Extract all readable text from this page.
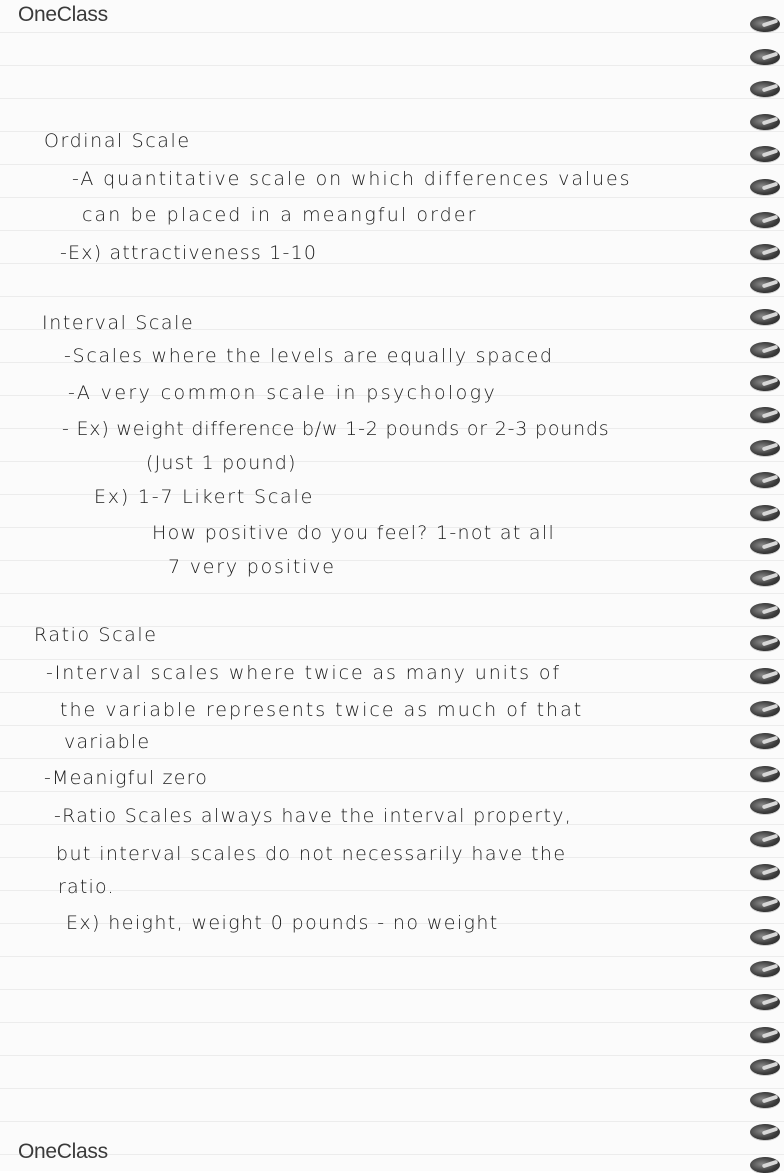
OneClass
Ordinal Scale
-A quantitative scale on which differences values
can be placed in a meangful order
-Ex) attractiveness 1-10
Interval Scale
-Scales where the levels are equally spaced
-A very common scale in psychology
- Ex) weight difference b/w 1-2 pounds or 2-3 pounds
(Just 1 pound)
Ex) 1-7 Likert Scale
How positive do you feel? 1-not at all
7 very positive
Ratio Scale
-Interval scales where twice as many units of
the variable represents twice as much of that
variable
-Meanigful zero
-Ratio Scales always have the interval property,
but interval scales do not necessarily have the
ratio.
Ex) height, weight 0 pounds - no weight
OneClass
